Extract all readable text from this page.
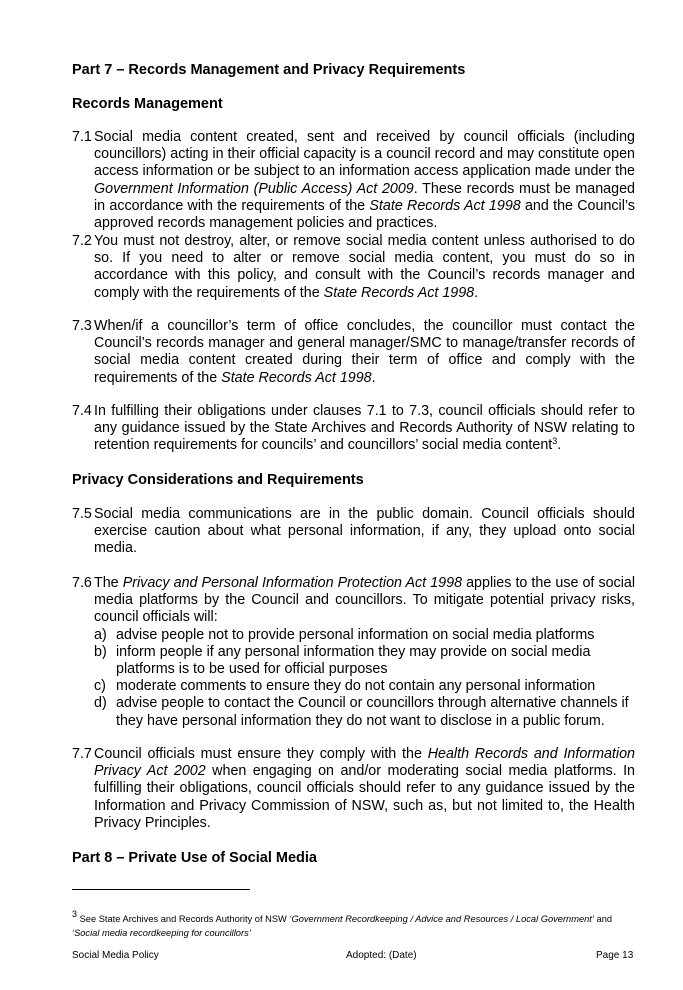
Part 7 – Records Management and Privacy Requirements
Records Management
7.1 Social media content created, sent and received by council officials (including councillors) acting in their official capacity is a council record and may constitute open access information or be subject to an information access application made under the Government Information (Public Access) Act 2009. These records must be managed in accordance with the requirements of the State Records Act 1998 and the Council’s approved records management policies and practices.
7.2 You must not destroy, alter, or remove social media content unless authorised to do so. If you need to alter or remove social media content, you must do so in accordance with this policy, and consult with the Council’s records manager and comply with the requirements of the State Records Act 1998.
7.3 When/if a councillor’s term of office concludes, the councillor must contact the Council’s records manager and general manager/SMC to manage/transfer records of social media content created during their term of office and comply with the requirements of the State Records Act 1998.
7.4 In fulfilling their obligations under clauses 7.1 to 7.3, council officials should refer to any guidance issued by the State Archives and Records Authority of NSW relating to retention requirements for councils’ and councillors’ social media content$^3$.
Privacy Considerations and Requirements
7.5 Social media communications are in the public domain. Council officials should exercise caution about what personal information, if any, they upload onto social media.
7.6 The Privacy and Personal Information Protection Act 1998 applies to the use of social media platforms by the Council and councillors. To mitigate potential privacy risks, council officials will:
a) advise people not to provide personal information on social media platforms
b) inform people if any personal information they may provide on social media platforms is to be used for official purposes
c) moderate comments to ensure they do not contain any personal information
d) advise people to contact the Council or councillors through alternative channels if they have personal information they do not want to disclose in a public forum.
7.7 Council officials must ensure they comply with the Health Records and Information Privacy Act 2002 when engaging on and/or moderating social media platforms. In fulfilling their obligations, council officials should refer to any guidance issued by the Information and Privacy Commission of NSW, such as, but not limited to, the Health Privacy Principles.
Part 8 – Private Use of Social Media
$^3$ See State Archives and Records Authority of NSW ‘Government Recordkeeping / Advice and Resources / Local Government’ and
‘Social media recordkeeping for councillors’
Social Media Policy	Adopted: (Date)	Page 13
